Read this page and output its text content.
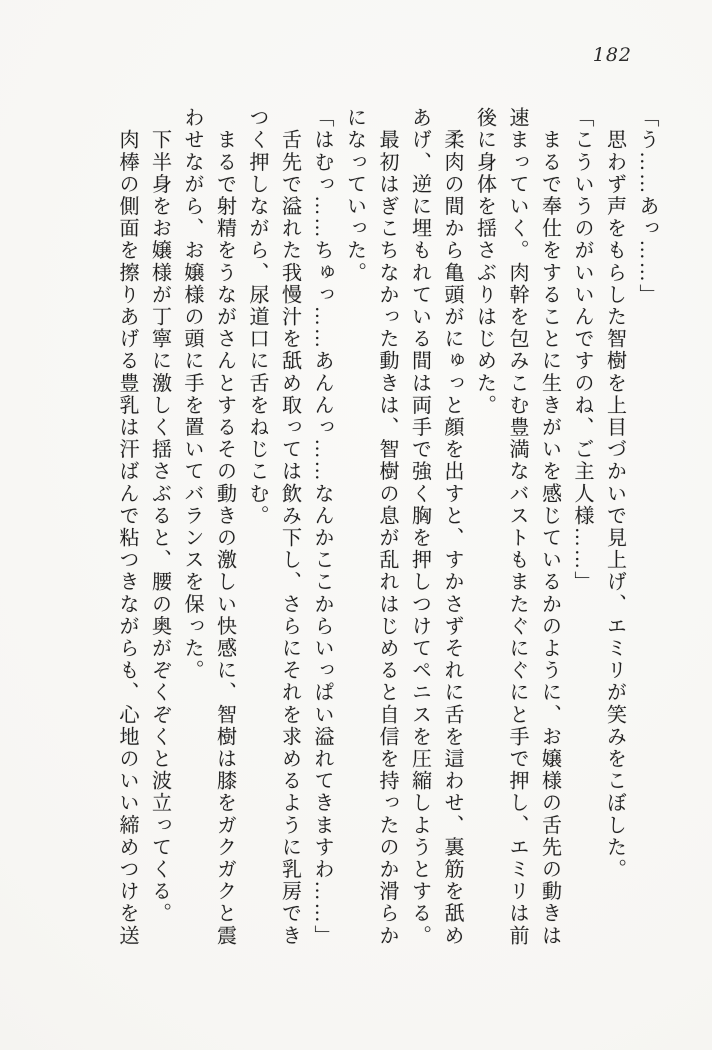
182

「う……あっ……」

　思わず声をもらした智樹を上目づかいで見上げ、エミリが笑みをこぼした。

「こういうのがいいんですのね、ご主人様……」

　まるで奉仕をすることに生きがいを感じているかのように、お嬢様の舌先の動きは速まっていく。肉幹を包みこむ豊満なバストもまたぐにぐにと手で押し、エミリは前後に身体を揺さぶりはじめた。

　柔肉の間から亀頭がにゅっと顔を出すと、すかさずそれに舌を這わせ、裏筋を舐めあげ、逆に埋もれている間は両手で強く胸を押しつけてペニスを圧縮しようとする。

　最初はぎこちなかった動きは、智樹の息が乱れはじめると自信を持ったのか滑らかになっていった。

「はむっ……ちゅっ……あんんっ……なんかここからいっぱい溢れてきますわ……」

　舌先で溢れた我慢汁を舐め取っては飲み下し、さらにそれを求めるように乳房できつく押しながら、尿道口に舌をねじこむ。

　まるで射精をうながさんとするその動きの激しい快感に、智樹は膝をガクガクと震わせながら、お嬢様の頭に手を置いてバランスを保った。

　下半身をお嬢様が丁寧に激しく揺さぶると、腰の奥がぞくぞくと波立ってくる。

　肉棒の側面を擦りあげる豊乳は汗ばんで粘つきながらも、心地のいい締めつけを送
